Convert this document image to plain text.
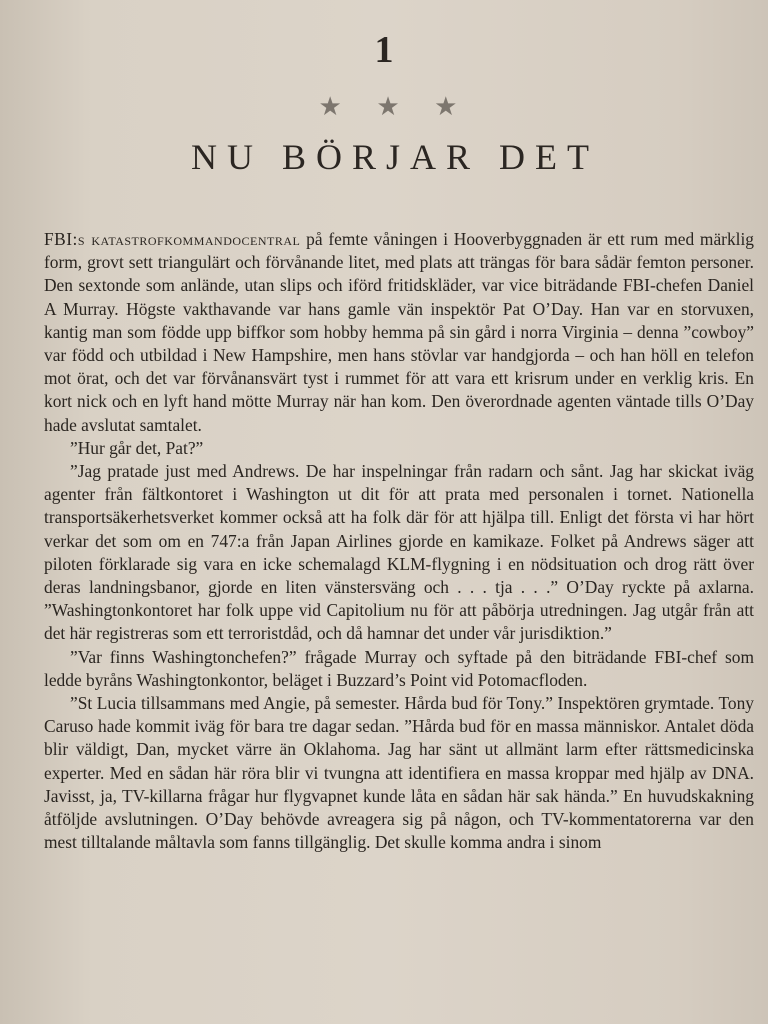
1
★ ★ ★
NU BÖRJAR DET

FBI:s katastrofkommandocentral på femte våningen i Hooverbyggnaden är ett rum med märklig form, grovt sett triangulärt och förvånande litet, med plats att trängas för bara sådär femton personer. Den sextonde som anlände, utan slips och iförd fritidskläder, var vice biträdande FBI-chefen Daniel A Murray. Högste vakthavande var hans gamle vän inspektör Pat O’Day. Han var en storvuxen, kantig man som födde upp biffkor som hobby hemma på sin gård i norra Virginia – denna ”cowboy” var född och utbildad i New Hampshire, men hans stövlar var handgjorda – och han höll en telefon mot örat, och det var förvånansvärt tyst i rummet för att vara ett krisrum under en verklig kris. En kort nick och en lyft hand mötte Murray när han kom. Den överordnade agenten väntade tills O’Day hade avslutat samtalet.

”Hur går det, Pat?”

”Jag pratade just med Andrews. De har inspelningar från radarn och sånt. Jag har skickat iväg agenter från fältkontoret i Washington ut dit för att prata med personalen i tornet. Nationella transportsäkerhetsverket kommer också att ha folk där för att hjälpa till. Enligt det första vi har hört verkar det som om en 747:a från Japan Airlines gjorde en kamikaze. Folket på Andrews säger att piloten förklarade sig vara en icke schemalagd KLM-flygning i en nödsituation och drog rätt över deras landningsbanor, gjorde en liten vänstersväng och . . . tja . . .” O’Day ryckte på axlarna. ”Washingtonkontoret har folk uppe vid Capitolium nu för att påbörja utredningen. Jag utgår från att det här registreras som ett terroristdåd, och då hamnar det under vår jurisdiktion.”

”Var finns Washingtonchefen?” frågade Murray och syftade på den biträdande FBI-chef som ledde byråns Washingtonkontor, beläget i Buzzard’s Point vid Potomacfloden.

”St Lucia tillsammans med Angie, på semester. Hårda bud för Tony.” Inspektören grymtade. Tony Caruso hade kommit iväg för bara tre dagar sedan. ”Hårda bud för en massa människor. Antalet döda blir väldigt, Dan, mycket värre än Oklahoma. Jag har sänt ut allmänt larm efter rättsmedicinska experter. Med en sådan här röra blir vi tvungna att identifiera en massa kroppar med hjälp av DNA. Javisst, ja, TV-killarna frågar hur flygvapnet kunde låta en sådan här sak hända.” En huvudskakning åtföljde avslutningen. O’Day behövde avreagera sig på någon, och TV-kommentatorerna var den mest tilltalande måltavla som fanns tillgänglig. Det skulle komma andra i sinom
